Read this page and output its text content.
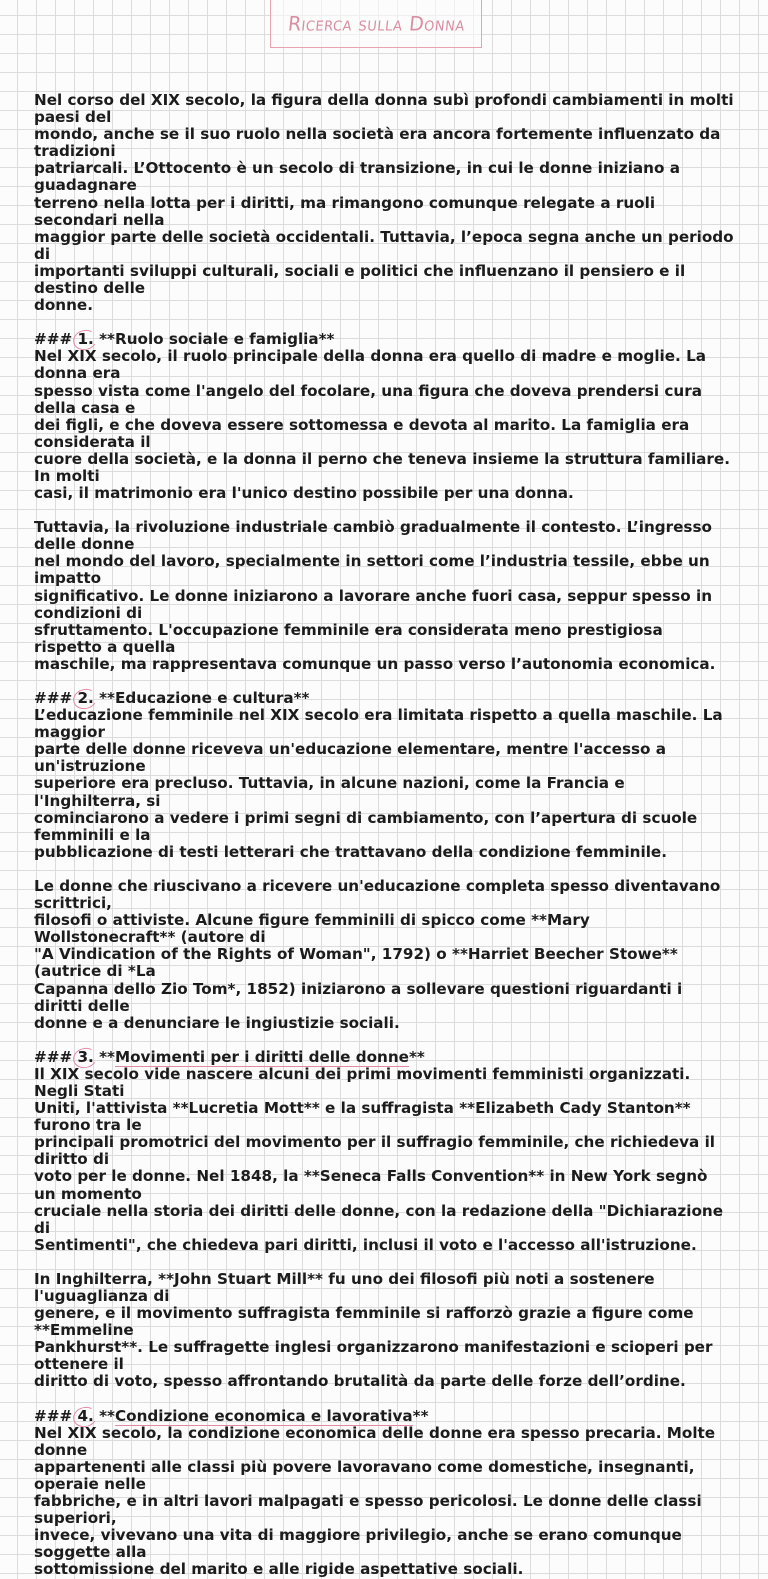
Ricerca sulla Donna

Nel corso del XIX secolo, la figura della donna subì profondi cambiamenti in molti paesi del
mondo, anche se il suo ruolo nella società era ancora fortemente influenzato da tradizioni
patriarcali. L’Ottocento è un secolo di transizione, in cui le donne iniziano a guadagnare
terreno nella lotta per i diritti, ma rimangono comunque relegate a ruoli secondari nella
maggior parte delle società occidentali. Tuttavia, l’epoca segna anche un periodo di
importanti sviluppi culturali, sociali e politici che influenzano il pensiero e il destino delle
donne.

### 1. **Ruolo sociale e famiglia**

Nel XIX secolo, il ruolo principale della donna era quello di madre e moglie. La donna era
spesso vista come l'angelo del focolare, una figura che doveva prendersi cura della casa e
dei figli, e che doveva essere sottomessa e devota al marito. La famiglia era considerata il
cuore della società, e la donna il perno che teneva insieme la struttura familiare. In molti
casi, il matrimonio era l'unico destino possibile per una donna.

Tuttavia, la rivoluzione industriale cambiò gradualmente il contesto. L’ingresso delle donne
nel mondo del lavoro, specialmente in settori come l’industria tessile, ebbe un impatto
significativo. Le donne iniziarono a lavorare anche fuori casa, seppur spesso in condizioni di
sfruttamento. L'occupazione femminile era considerata meno prestigiosa rispetto a quella
maschile, ma rappresentava comunque un passo verso l’autonomia economica.

### 2. **Educazione e cultura**

L’educazione femminile nel XIX secolo era limitata rispetto a quella maschile. La maggior
parte delle donne riceveva un'educazione elementare, mentre l'accesso a un'istruzione
superiore era precluso. Tuttavia, in alcune nazioni, come la Francia e l'Inghilterra, si
cominciarono a vedere i primi segni di cambiamento, con l’apertura di scuole femminili e la
pubblicazione di testi letterari che trattavano della condizione femminile.

Le donne che riuscivano a ricevere un'educazione completa spesso diventavano scrittrici,
filosofi o attiviste. Alcune figure femminili di spicco come **Mary Wollstonecraft** (autore di
"A Vindication of the Rights of Woman", 1792) o **Harriet Beecher Stowe** (autrice di *La
Capanna dello Zio Tom*, 1852) iniziarono a sollevare questioni riguardanti i diritti delle
donne e a denunciare le ingiustizie sociali.

### 3. **Movimenti per i diritti delle donne**

Il XIX secolo vide nascere alcuni dei primi movimenti femministi organizzati. Negli Stati
Uniti, l'attivista **Lucretia Mott** e la suffragista **Elizabeth Cady Stanton** furono tra le
principali promotrici del movimento per il suffragio femminile, che richiedeva il diritto di
voto per le donne. Nel 1848, la **Seneca Falls Convention** in New York segnò un momento
cruciale nella storia dei diritti delle donne, con la redazione della "Dichiarazione di
Sentimenti", che chiedeva pari diritti, inclusi il voto e l'accesso all'istruzione.

In Inghilterra, **John Stuart Mill** fu uno dei filosofi più noti a sostenere l'uguaglianza di
genere, e il movimento suffragista femminile si rafforzò grazie a figure come **Emmeline
Pankhurst**. Le suffragette inglesi organizzarono manifestazioni e scioperi per ottenere il
diritto di voto, spesso affrontando brutalità da parte delle forze dell’ordine.

### 4. **Condizione economica e lavorativa**

Nel XIX secolo, la condizione economica delle donne era spesso precaria. Molte donne
appartenenti alle classi più povere lavoravano come domestiche, insegnanti, operaie nelle
fabbriche, e in altri lavori malpagati e spesso pericolosi. Le donne delle classi superiori,
invece, vivevano una vita di maggiore privilegio, anche se erano comunque soggette alla
sottomissione del marito e alle rigide aspettative sociali.
